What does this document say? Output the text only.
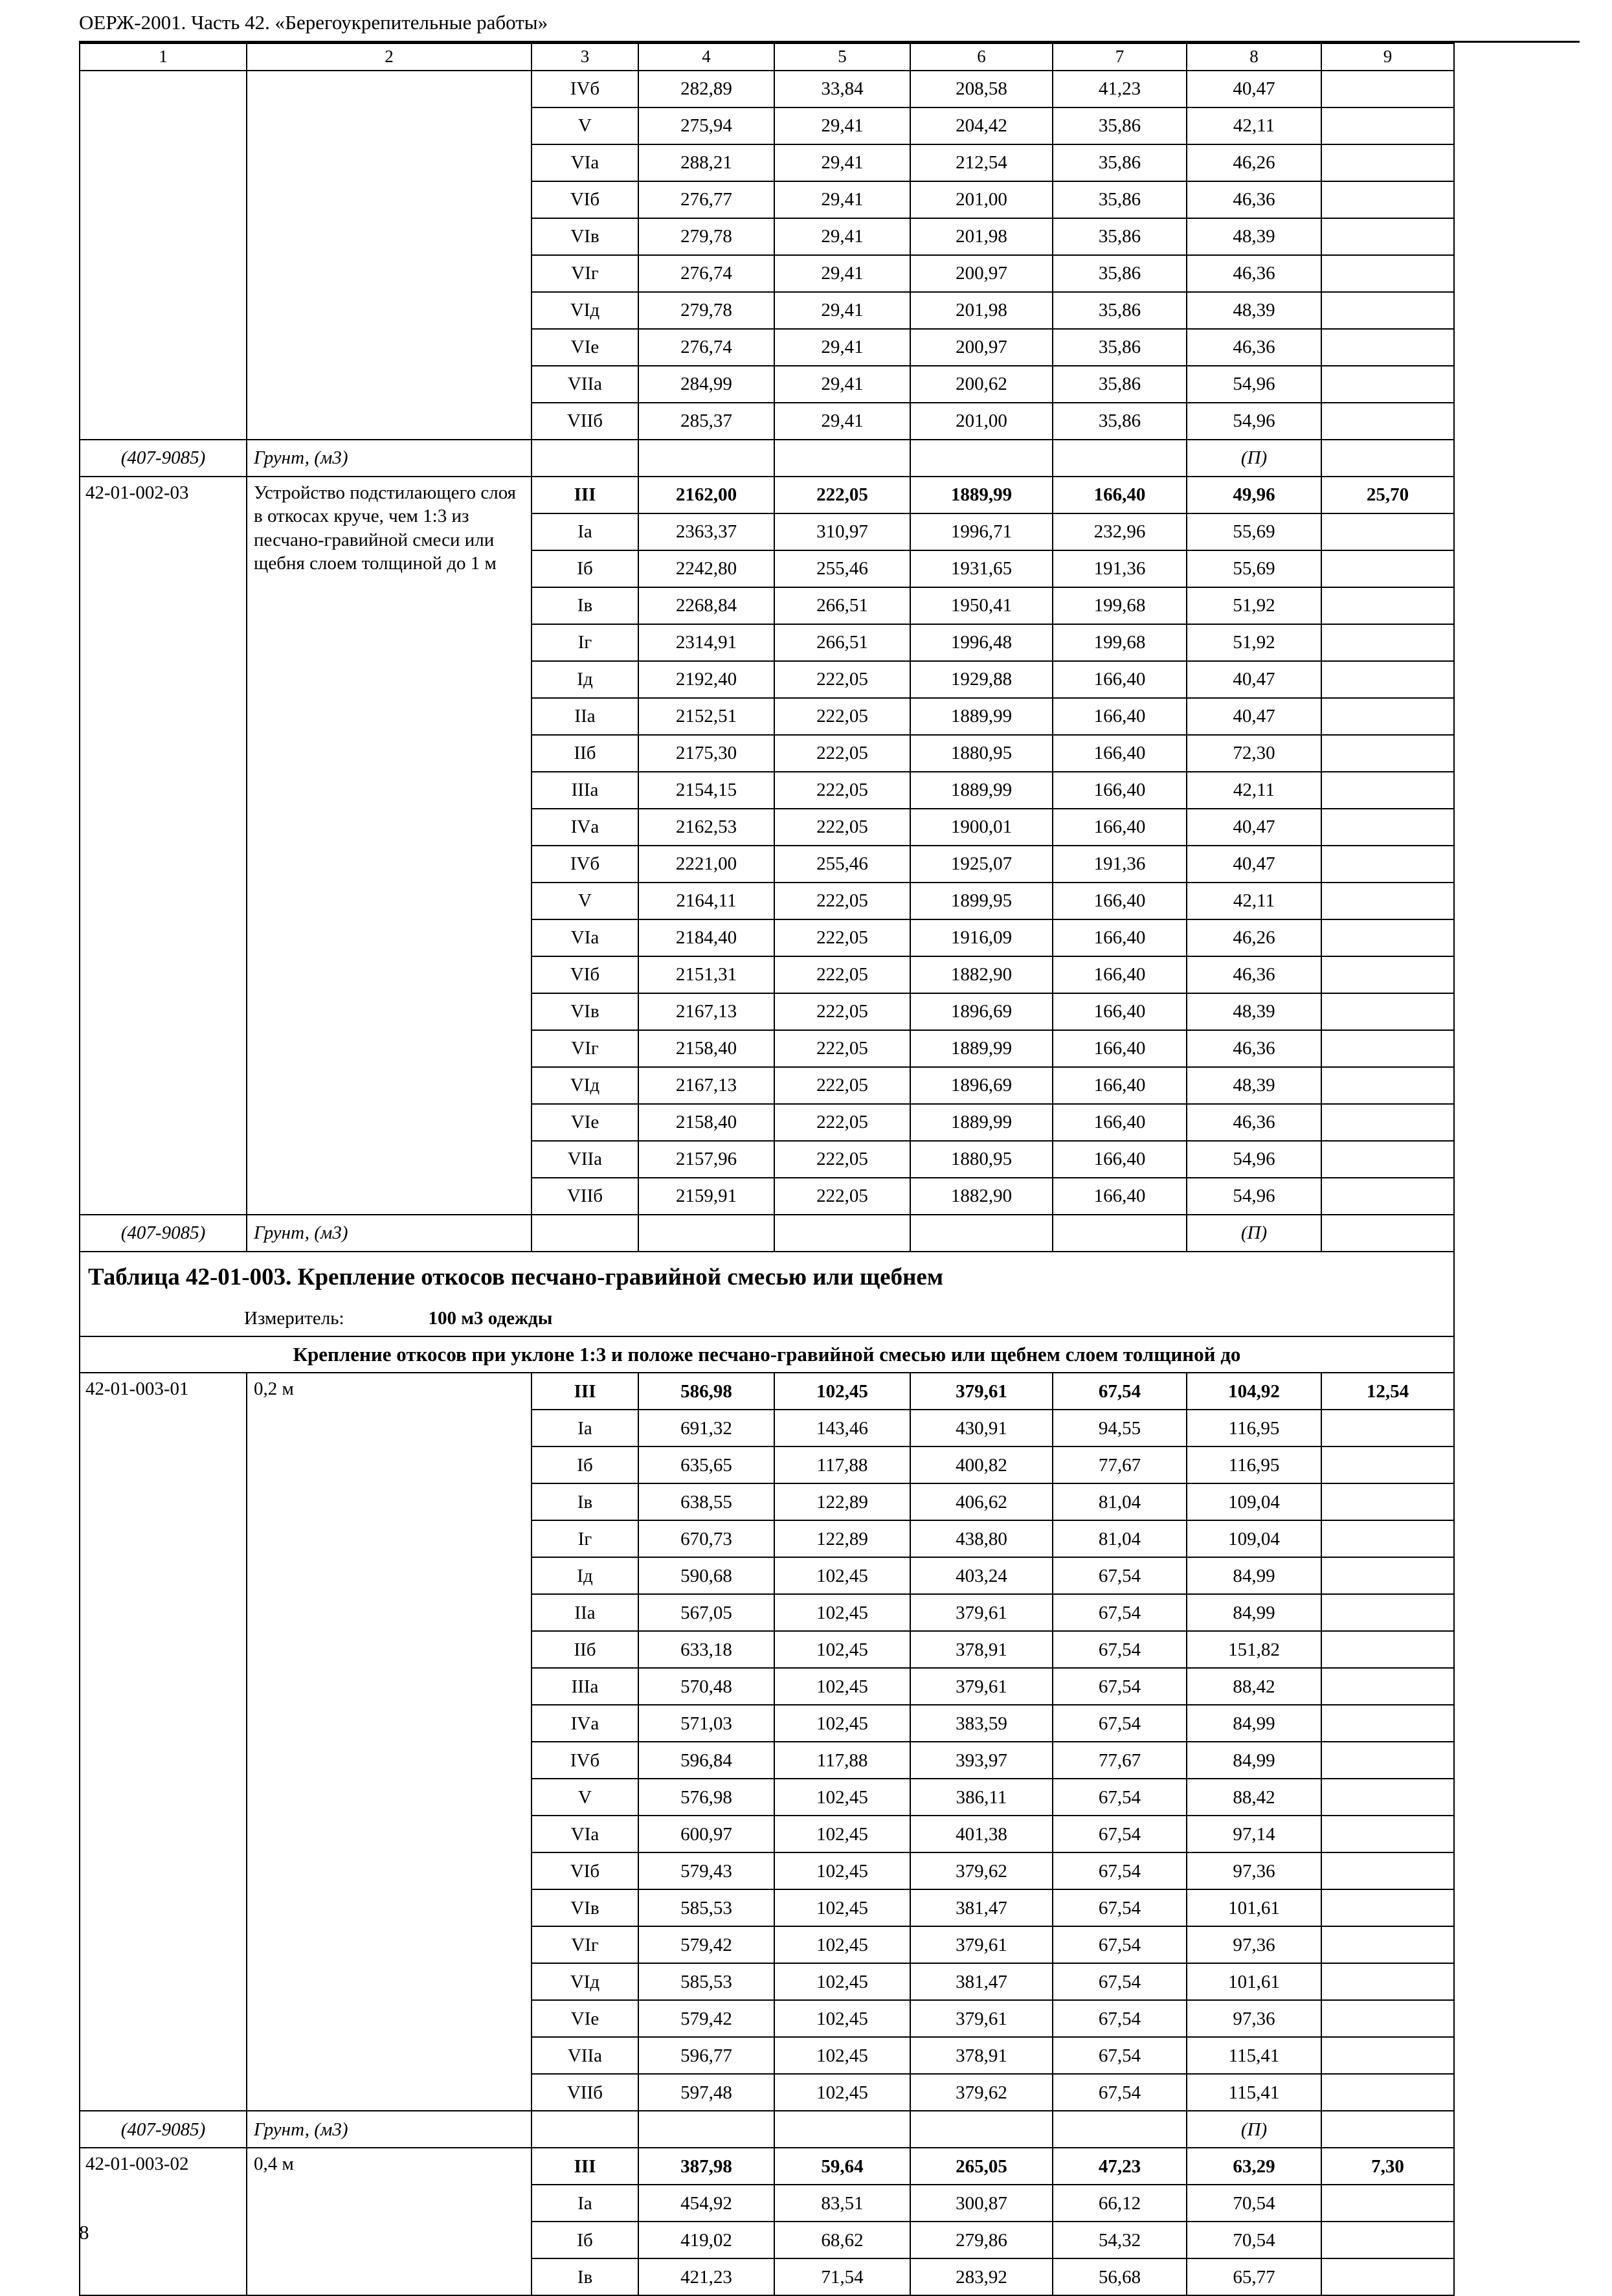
ОЕРЖ-2001. Часть 42. «Берегоукрепительные работы»
1	2	3	4	5	6	7	8	9
		IVб	282,89	33,84	208,58	41,23	40,47	
		V	275,94	29,41	204,42	35,86	42,11	
		VIа	288,21	29,41	212,54	35,86	46,26	
		VIб	276,77	29,41	201,00	35,86	46,36	
		VIв	279,78	29,41	201,98	35,86	48,39	
		VIг	276,74	29,41	200,97	35,86	46,36	
		VIд	279,78	29,41	201,98	35,86	48,39	
		VIе	276,74	29,41	200,97	35,86	46,36	
		VIIа	284,99	29,41	200,62	35,86	54,96	
		VIIб	285,37	29,41	201,00	35,86	54,96	
(407-9085)	Грунт, (м3)						(П)	
42-01-002-03	Устройство подстилающего слоя в откосах круче, чем 1:3 из песчано-гравийной смеси или щебня слоем толщиной до 1 м	III	2162,00	222,05	1889,99	166,40	49,96	25,70
		Iа	2363,37	310,97	1996,71	232,96	55,69	
		Iб	2242,80	255,46	1931,65	191,36	55,69	
		Iв	2268,84	266,51	1950,41	199,68	51,92	
		Iг	2314,91	266,51	1996,48	199,68	51,92	
		Iд	2192,40	222,05	1929,88	166,40	40,47	
		IIа	2152,51	222,05	1889,99	166,40	40,47	
		IIб	2175,30	222,05	1880,95	166,40	72,30	
		IIIа	2154,15	222,05	1889,99	166,40	42,11	
		IVа	2162,53	222,05	1900,01	166,40	40,47	
		IVб	2221,00	255,46	1925,07	191,36	40,47	
		V	2164,11	222,05	1899,95	166,40	42,11	
		VIа	2184,40	222,05	1916,09	166,40	46,26	
		VIб	2151,31	222,05	1882,90	166,40	46,36	
		VIв	2167,13	222,05	1896,69	166,40	48,39	
		VIг	2158,40	222,05	1889,99	166,40	46,36	
		VIд	2167,13	222,05	1896,69	166,40	48,39	
		VIе	2158,40	222,05	1889,99	166,40	46,36	
		VIIа	2157,96	222,05	1880,95	166,40	54,96	
		VIIб	2159,91	222,05	1882,90	166,40	54,96	
(407-9085)	Грунт, (м3)						(П)	
Таблица 42-01-003. Крепление откосов песчано-гравийной смесью или щебнем								
Измеритель: 100 м3 одежды								
Крепление откосов при уклоне 1:3 и положе песчано-гравийной смесью или щебнем слоем толщиной до								
42-01-003-01	0,2 м	III	586,98	102,45	379,61	67,54	104,92	12,54
		Iа	691,32	143,46	430,91	94,55	116,95	
		Iб	635,65	117,88	400,82	77,67	116,95	
		Iв	638,55	122,89	406,62	81,04	109,04	
		Iг	670,73	122,89	438,80	81,04	109,04	
		Iд	590,68	102,45	403,24	67,54	84,99	
		IIа	567,05	102,45	379,61	67,54	84,99	
		IIб	633,18	102,45	378,91	67,54	151,82	
		IIIа	570,48	102,45	379,61	67,54	88,42	
		IVа	571,03	102,45	383,59	67,54	84,99	
		IVб	596,84	117,88	393,97	77,67	84,99	
		V	576,98	102,45	386,11	67,54	88,42	
		VIа	600,97	102,45	401,38	67,54	97,14	
		VIб	579,43	102,45	379,62	67,54	97,36	
		VIв	585,53	102,45	381,47	67,54	101,61	
		VIг	579,42	102,45	379,61	67,54	97,36	
		VIд	585,53	102,45	381,47	67,54	101,61	
		VIе	579,42	102,45	379,61	67,54	97,36	
		VIIа	596,77	102,45	378,91	67,54	115,41	
		VIIб	597,48	102,45	379,62	67,54	115,41	
(407-9085)	Грунт, (м3)						(П)	
42-01-003-02	0,4 м	III	387,98	59,64	265,05	47,23	63,29	7,30
		Iа	454,92	83,51	300,87	66,12	70,54	
		Iб	419,02	68,62	279,86	54,32	70,54	
		Iв	421,23	71,54	283,92	56,68	65,77	
8
